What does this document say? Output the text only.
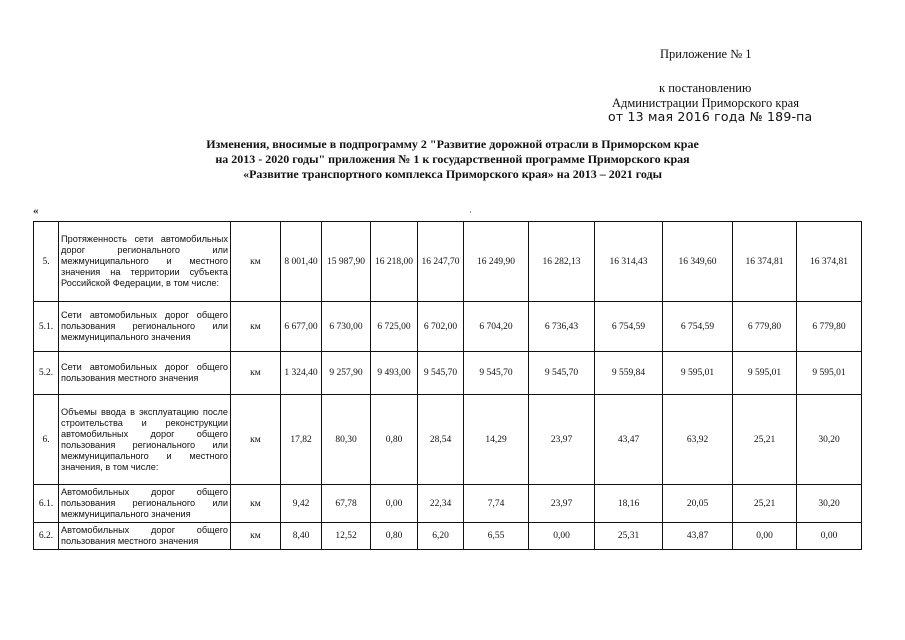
Приложение № 1
к постановлению
Администрации Приморского края
от 13 мая 2016 года № 189-па
Изменения, вносимые в подпрограмму 2 "Развитие дорожной отрасли в Приморском крае
на 2013 - 2020 годы" приложения № 1 к государственной программе Приморского края
«Развитие транспортного комплекса Приморского края» на 2013 – 2021 годы
«	·
5.	Протяженность сети автомобильных дорог регионального или межмуниципального и местного значения на территории субъекта Российской Федерации, в том числе:	км	8 001,40	15 987,90	16 218,00	16 247,70	16 249,90	16 282,13	16 314,43	16 349,60	16 374,81	16 374,81
5.1.	Сети автомобильных дорог общего пользования регионального или межмуниципального значения	км	6 677,00	6 730,00	6 725,00	6 702,00	6 704,20	6 736,43	6 754,59	6 754,59	6 779,80	6 779,80
5.2.	Сети автомобильных дорог общего пользования местного значения	км	1 324,40	9 257,90	9 493,00	9 545,70	9 545,70	9 545,70	9 559,84	9 595,01	9 595,01	9 595,01
6.	Объемы ввода в эксплуатацию после строительства и реконструкции автомобильных дорог общего пользования регионального или межмуниципального и местного значения, в том числе:	км	17,82	80,30	0,80	28,54	14,29	23,97	43,47	63,92	25,21	30,20
6.1.	Автомобильных дорог общего пользования регионального или межмуниципального значения	км	9,42	67,78	0,00	22,34	7,74	23,97	18,16	20,05	25,21	30,20
6.2.	Автомобильных дорог общего пользования местного значения	км	8,40	12,52	0,80	6,20	6,55	0,00	25,31	43,87	0,00	0,00
